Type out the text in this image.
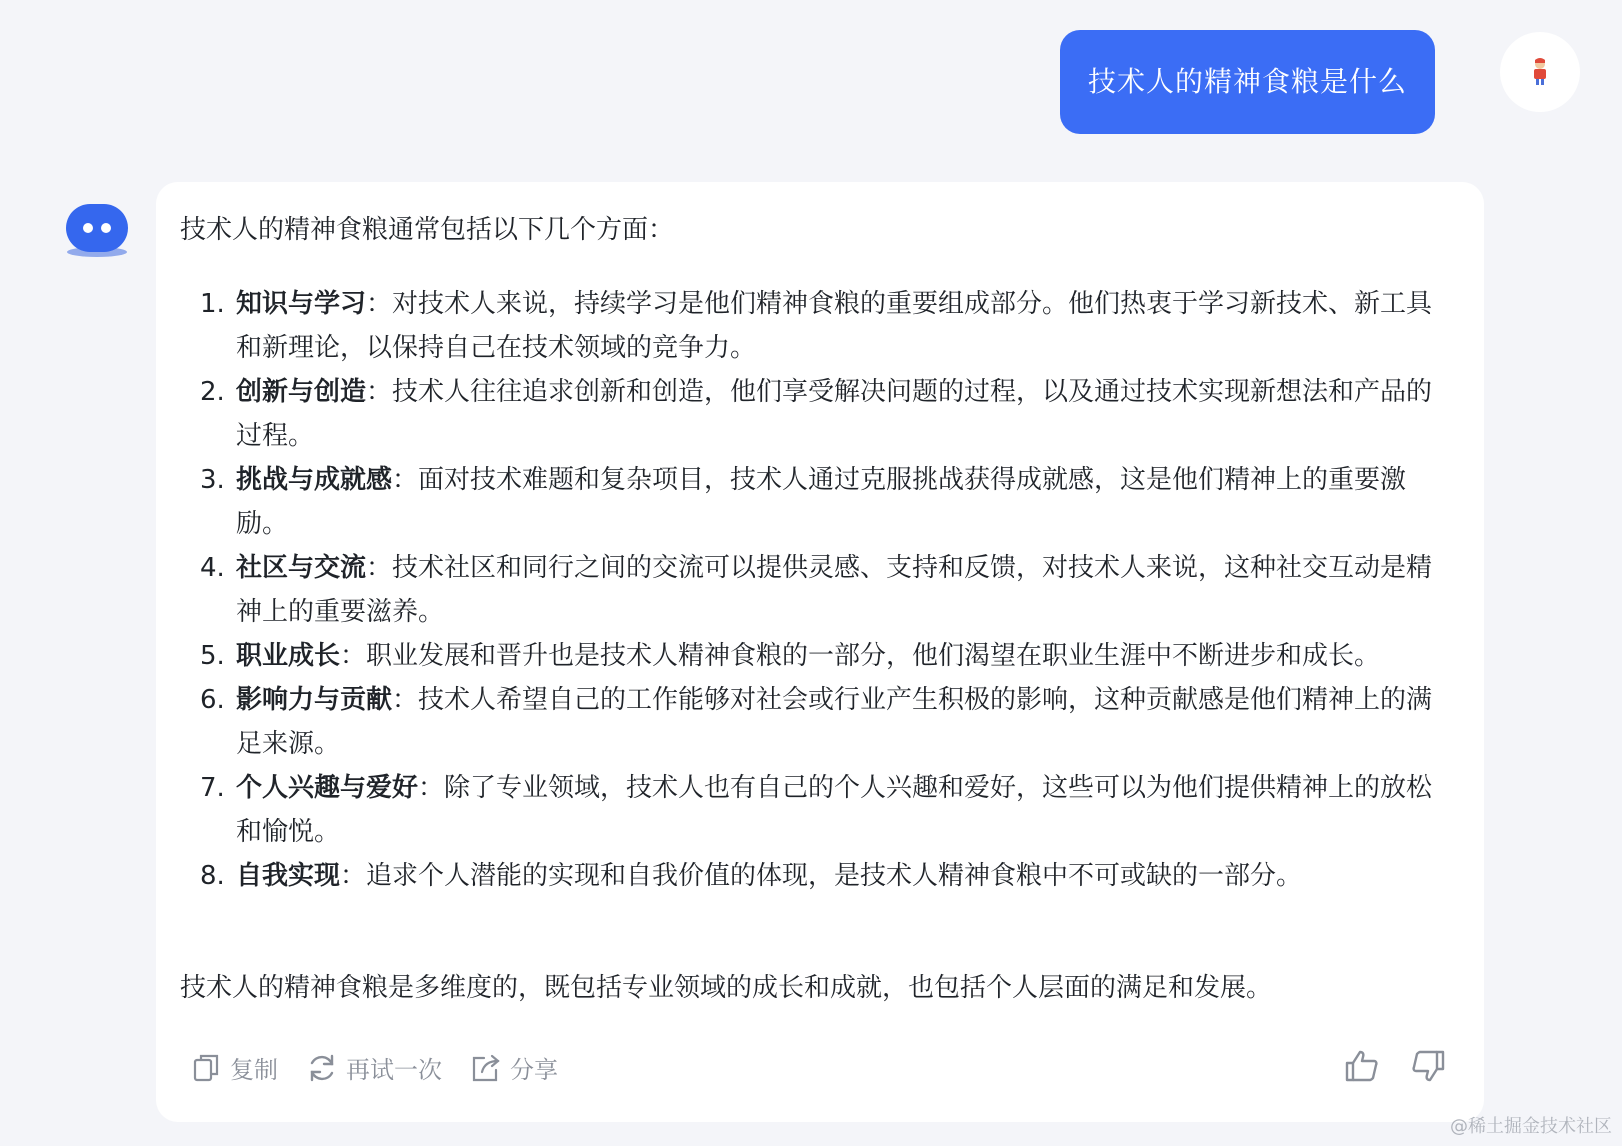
技术人的精神食粮是什么
技术人的精神食粮通常包括以下几个方面：
1. 知识与学习：对技术人来说，持续学习是他们精神食粮的重要组成部分。他们热衷于学习新技术、新工具和新理论，以保持自己在技术领域的竞争力。
2. 创新与创造：技术人往往追求创新和创造，他们享受解决问题的过程，以及通过技术实现新想法和产品的过程。
3. 挑战与成就感：面对技术难题和复杂项目，技术人通过克服挑战获得成就感，这是他们精神上的重要激励。
4. 社区与交流：技术社区和同行之间的交流可以提供灵感、支持和反馈，对技术人来说，这种社交互动是精神上的重要滋养。
5. 职业成长：职业发展和晋升也是技术人精神食粮的一部分，他们渴望在职业生涯中不断进步和成长。
6. 影响力与贡献：技术人希望自己的工作能够对社会或行业产生积极的影响，这种贡献感是他们精神上的满足来源。
7. 个人兴趣与爱好：除了专业领域，技术人也有自己的个人兴趣和爱好，这些可以为他们提供精神上的放松和愉悦。
8. 自我实现：追求个人潜能的实现和自我价值的体现，是技术人精神食粮中不可或缺的一部分。
技术人的精神食粮是多维度的，既包括专业领域的成长和成就，也包括个人层面的满足和发展。
复制	再试一次	分享
@稀土掘金技术社区
